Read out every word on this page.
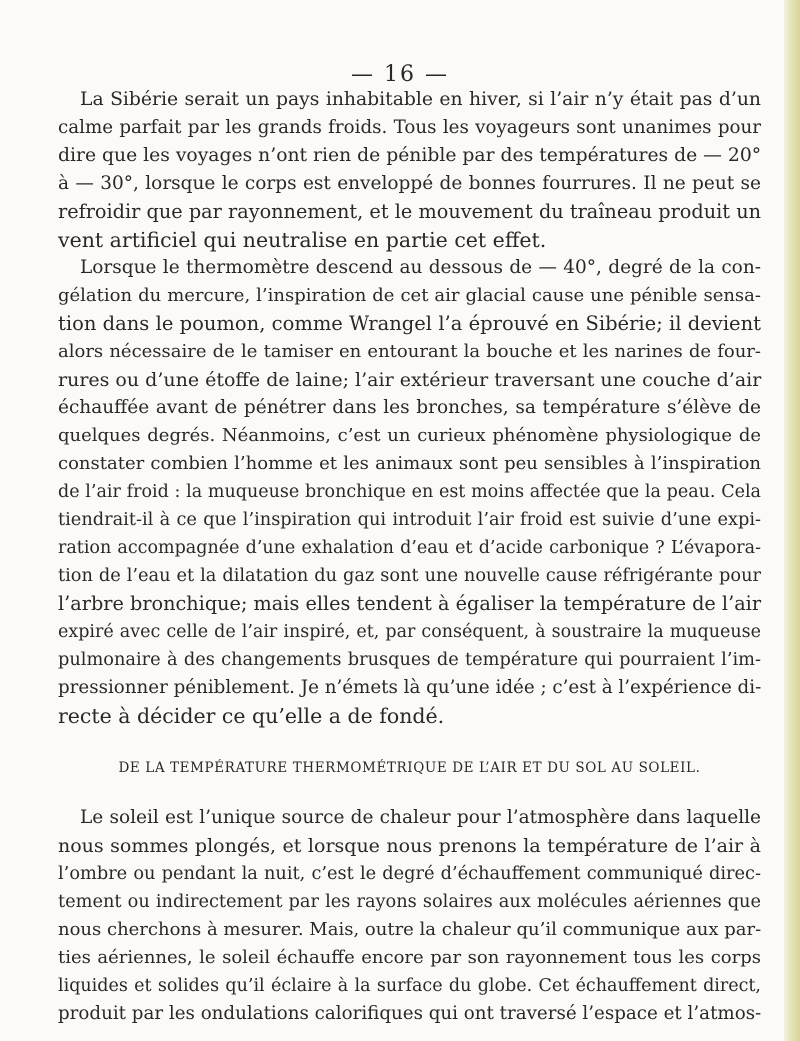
— 16 —
La Sibérie serait un pays inhabitable en hiver, si l’air n’y était pas d’un
calme parfait par les grands froids. Tous les voyageurs sont unanimes pour
dire que les voyages n’ont rien de pénible par des températures de — 20°
à — 30°, lorsque le corps est enveloppé de bonnes fourrures. Il ne peut se
refroidir que par rayonnement, et le mouvement du traîneau produit un
vent artificiel qui neutralise en partie cet effet.
Lorsque le thermomètre descend au dessous de — 40°, degré de la con-
gélation du mercure, l’inspiration de cet air glacial cause une pénible sensa-
tion dans le poumon, comme Wrangel l’a éprouvé en Sibérie; il devient
alors nécessaire de le tamiser en entourant la bouche et les narines de four-
rures ou d’une étoffe de laine; l’air extérieur traversant une couche d’air
échauffée avant de pénétrer dans les bronches, sa température s’élève de
quelques degrés. Néanmoins, c’est un curieux phénomène physiologique de
constater combien l’homme et les animaux sont peu sensibles à l’inspiration
de l’air froid : la muqueuse bronchique en est moins affectée que la peau. Cela
tiendrait-il à ce que l’inspiration qui introduit l’air froid est suivie d’une expi-
ration accompagnée d’une exhalation d’eau et d’acide carbonique ? L’évapora-
tion de l’eau et la dilatation du gaz sont une nouvelle cause réfrigérante pour
l’arbre bronchique; mais elles tendent à égaliser la température de l’air
expiré avec celle de l’air inspiré, et, par conséquent, à soustraire la muqueuse
pulmonaire à des changements brusques de température qui pourraient l’im-
pressionner péniblement. Je n’émets là qu’une idée ; c’est à l’expérience di-
recte à décider ce qu’elle a de fondé.
DE LA TEMPÉRATURE THERMOMÉTRIQUE DE L’AIR ET DU SOL AU SOLEIL.
Le soleil est l’unique source de chaleur pour l’atmosphère dans laquelle
nous sommes plongés, et lorsque nous prenons la température de l’air à
l’ombre ou pendant la nuit, c’est le degré d’échauffement communiqué direc-
tement ou indirectement par les rayons solaires aux molécules aériennes que
nous cherchons à mesurer. Mais, outre la chaleur qu’il communique aux par-
ties aériennes, le soleil échauffe encore par son rayonnement tous les corps
liquides et solides qu’il éclaire à la surface du globe. Cet échauffement direct,
produit par les ondulations calorifiques qui ont traversé l’espace et l’atmos-
